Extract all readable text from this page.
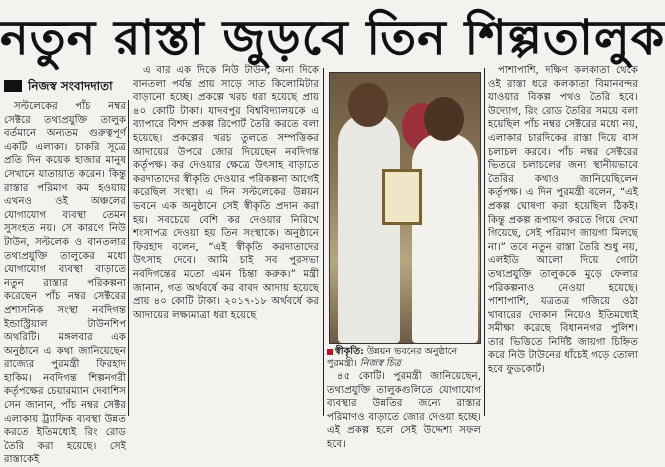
নতুন রাস্তা জুড়বে তিন শিল্পতালুক
নিজস্ব সংবাদদাতা

সল্টলেকের পাঁচ নম্বর সেক্টরে তথ্যপ্রযুক্তি তালুক বর্তমানে অন্যতম গুরুত্বপূর্ণ একটি এলাকা। চাকরি সূত্রে প্রতি দিন কয়েক হাজার মানুষ সেখানে যাতায়াত করেন। কিন্তু রাস্তার পরিমাণ কম হওয়ায় এখনও ওই অঞ্চলের যোগাযোগ ব্যবস্থা তেমন সুসংহত নয়। সে কারণে নিউ টাউন, সল্টলেক ও বানতলার তথ্যপ্রযুক্তি তালুকের মধ্যে যোগাযোগ ব্যবস্থা বাড়াতে নতুন রাস্তার পরিকল্পনা করেছেন পাঁচ নম্বর সেক্টরের প্রশাসনিক সংস্থা নবদিগন্ত ইন্ডাস্ট্রিয়াল টাউনশিপ অথরিটি। মঙ্গলবার এক অনুষ্ঠানে এ কথা জানিয়েছেন রাজ্যের পুরমন্ত্রী ফিরহাদ হাকিম। নবদিগন্ত শিল্পনগরী কর্তৃপক্ষের চেয়ারম্যান দেবাশিস সেন জানান, পাঁচ নম্বর সেক্টর এলাকায় ট্র্যাফিক ব্যবস্থা উন্নত করতে ইতিমধ্যেই রিং রোড তৈরি করা হয়েছে। সেই রাস্তাকেই

এ বার এক দিকে নিউ টাউন, অন্য দিকে বানতলা পর্যন্ত প্রায় সাড়ে সাত কিলোমিটার বাড়ানো হচ্ছে। প্রকল্পে খরচ ধরা হয়েছে প্রায় ৪০ কোটি টাকা। যাদবপুর বিশ্ববিদ্যালয়কে এ ব্যাপারে বিশদ প্রকল্প রিপোর্ট তৈরি করতে বলা হয়েছে। প্রকল্পের খরচ তুলতে সম্পত্তিকর আদায়ের উপরে জোর দিয়েছেন নবদিগন্ত কর্তৃপক্ষ। কর দেওয়ার ক্ষেত্রে উৎসাহ বাড়াতে করদাতাদের স্বীকৃতি দেওয়ার পরিকল্পনা আগেই করেছিল সংস্থা। এ দিন সল্টলেকের উন্নয়ন ভবনে এক অনুষ্ঠানে সেই স্বীকৃতি প্রদান করা হয়। সবচেয়ে বেশি কর দেওয়ার নিরিখে শংসাপত্র দেওয়া হয় তিন সংস্থাকে। অনুষ্ঠানে ফিরহাদ বলেন, “এই স্বীকৃতি করদাতাদের উৎসাহ দেবে। আমি চাই সব পুরসভা নবদিগন্তের মতো এমন চিন্তা করুক।” মন্ত্রী জানান, গত অর্থবর্ষে কর বাবদ আদায় হয়েছে প্রায় ৪০ কোটি টাকা। ২০১৭-১৮ অর্থবর্ষে কর আদায়ের লক্ষ্যমাত্রা ধরা হয়েছে

স্বীকৃতি: উন্নয়ন ভবনের অনুষ্ঠানে পুরমন্ত্রী। নিজস্ব চিত্র

৪৫ কোটি। পুরমন্ত্রী জানিয়েছেন, তথ্যপ্রযুক্তি তালুকগুলিতে যোগাযোগ ব্যবস্থার উন্নতির জন্যে রাস্তার পরিমাণও বাড়াতে জোর দেওয়া হচ্ছে। এই প্রকল্প হলে সেই উদ্দেশ্য সফল হবে।

পাশাপাশি, দক্ষিণ কলকাতা থেকে ওই রাস্তা ধরে কলকাতা বিমানবন্দর যাওয়ার বিকল্প পথও তৈরি হবে। উদ্যোগ, রিং রোড তৈরির সময়ে বলা হয়েছিল পাঁচ নম্বর সেক্টরের মধ্যে নয়, এলাকার চারদিকের রাস্তা দিয়ে বাস চলাচল করবে। পাঁচ নম্বর সেক্টরের ভিতরে চলাচলের জন্য স্থানীয়ভাবে তৈরির কথাও জানিয়েছিলেন কর্তৃপক্ষ। এ দিন পুরমন্ত্রী বলেন, “এই প্রকল্প ঘোষণা করা হয়েছিল ঠিকই। কিন্তু প্রকল্প রূপায়ণ করতে গিয়ে দেখা গিয়েছে, সেই পরিমাণ জায়গা মিলছে না।” তবে নতুন রাস্তা তৈরি শুধু নয়, এলইডি আলো দিয়ে গোটা তথ্যপ্রযুক্তি তালুককে মুড়ে ফেলার পরিকল্পনাও নেওয়া হয়েছে। পাশাপাশি, যত্রতত্র গজিয়ে ওঠা খাবারের দোকান নিয়েও ইতিমধ্যেই সমীক্ষা করেছে বিধাননগর পুলিশ। তার ভিত্তিতে নির্দিষ্ট জায়গা চিহ্নিত করে নিউ টাউনের ধাঁচেই গড়ে তোলা হবে ফুডকোর্ট।
